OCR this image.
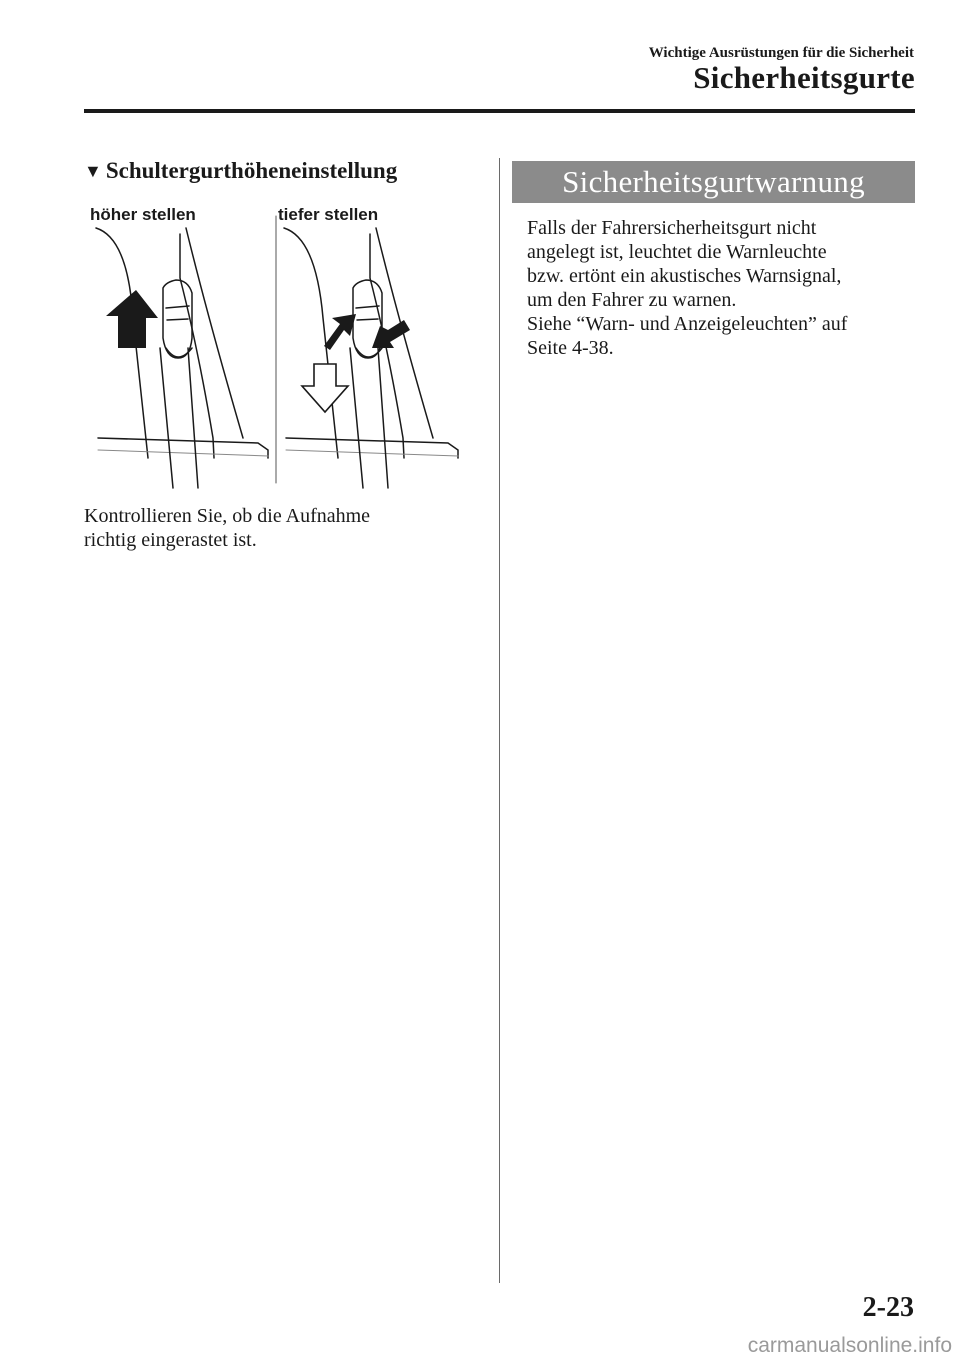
Wichtige Ausrüstungen für die Sicherheit
Sicherheitsgurte
▼ Schultergurthöheneinstellung
höher stellen	tiefer stellen
Kontrollieren Sie, ob die Aufnahme
richtig eingerastet ist.
Sicherheitsgurtwarnung
Falls der Fahrersicherheitsgurt nicht
angelegt ist, leuchtet die Warnleuchte
bzw. ertönt ein akustisches Warnsignal,
um den Fahrer zu warnen.
Siehe “Warn- und Anzeigeleuchten” auf
Seite 4-38.
2-23
carmanualsonline.info
